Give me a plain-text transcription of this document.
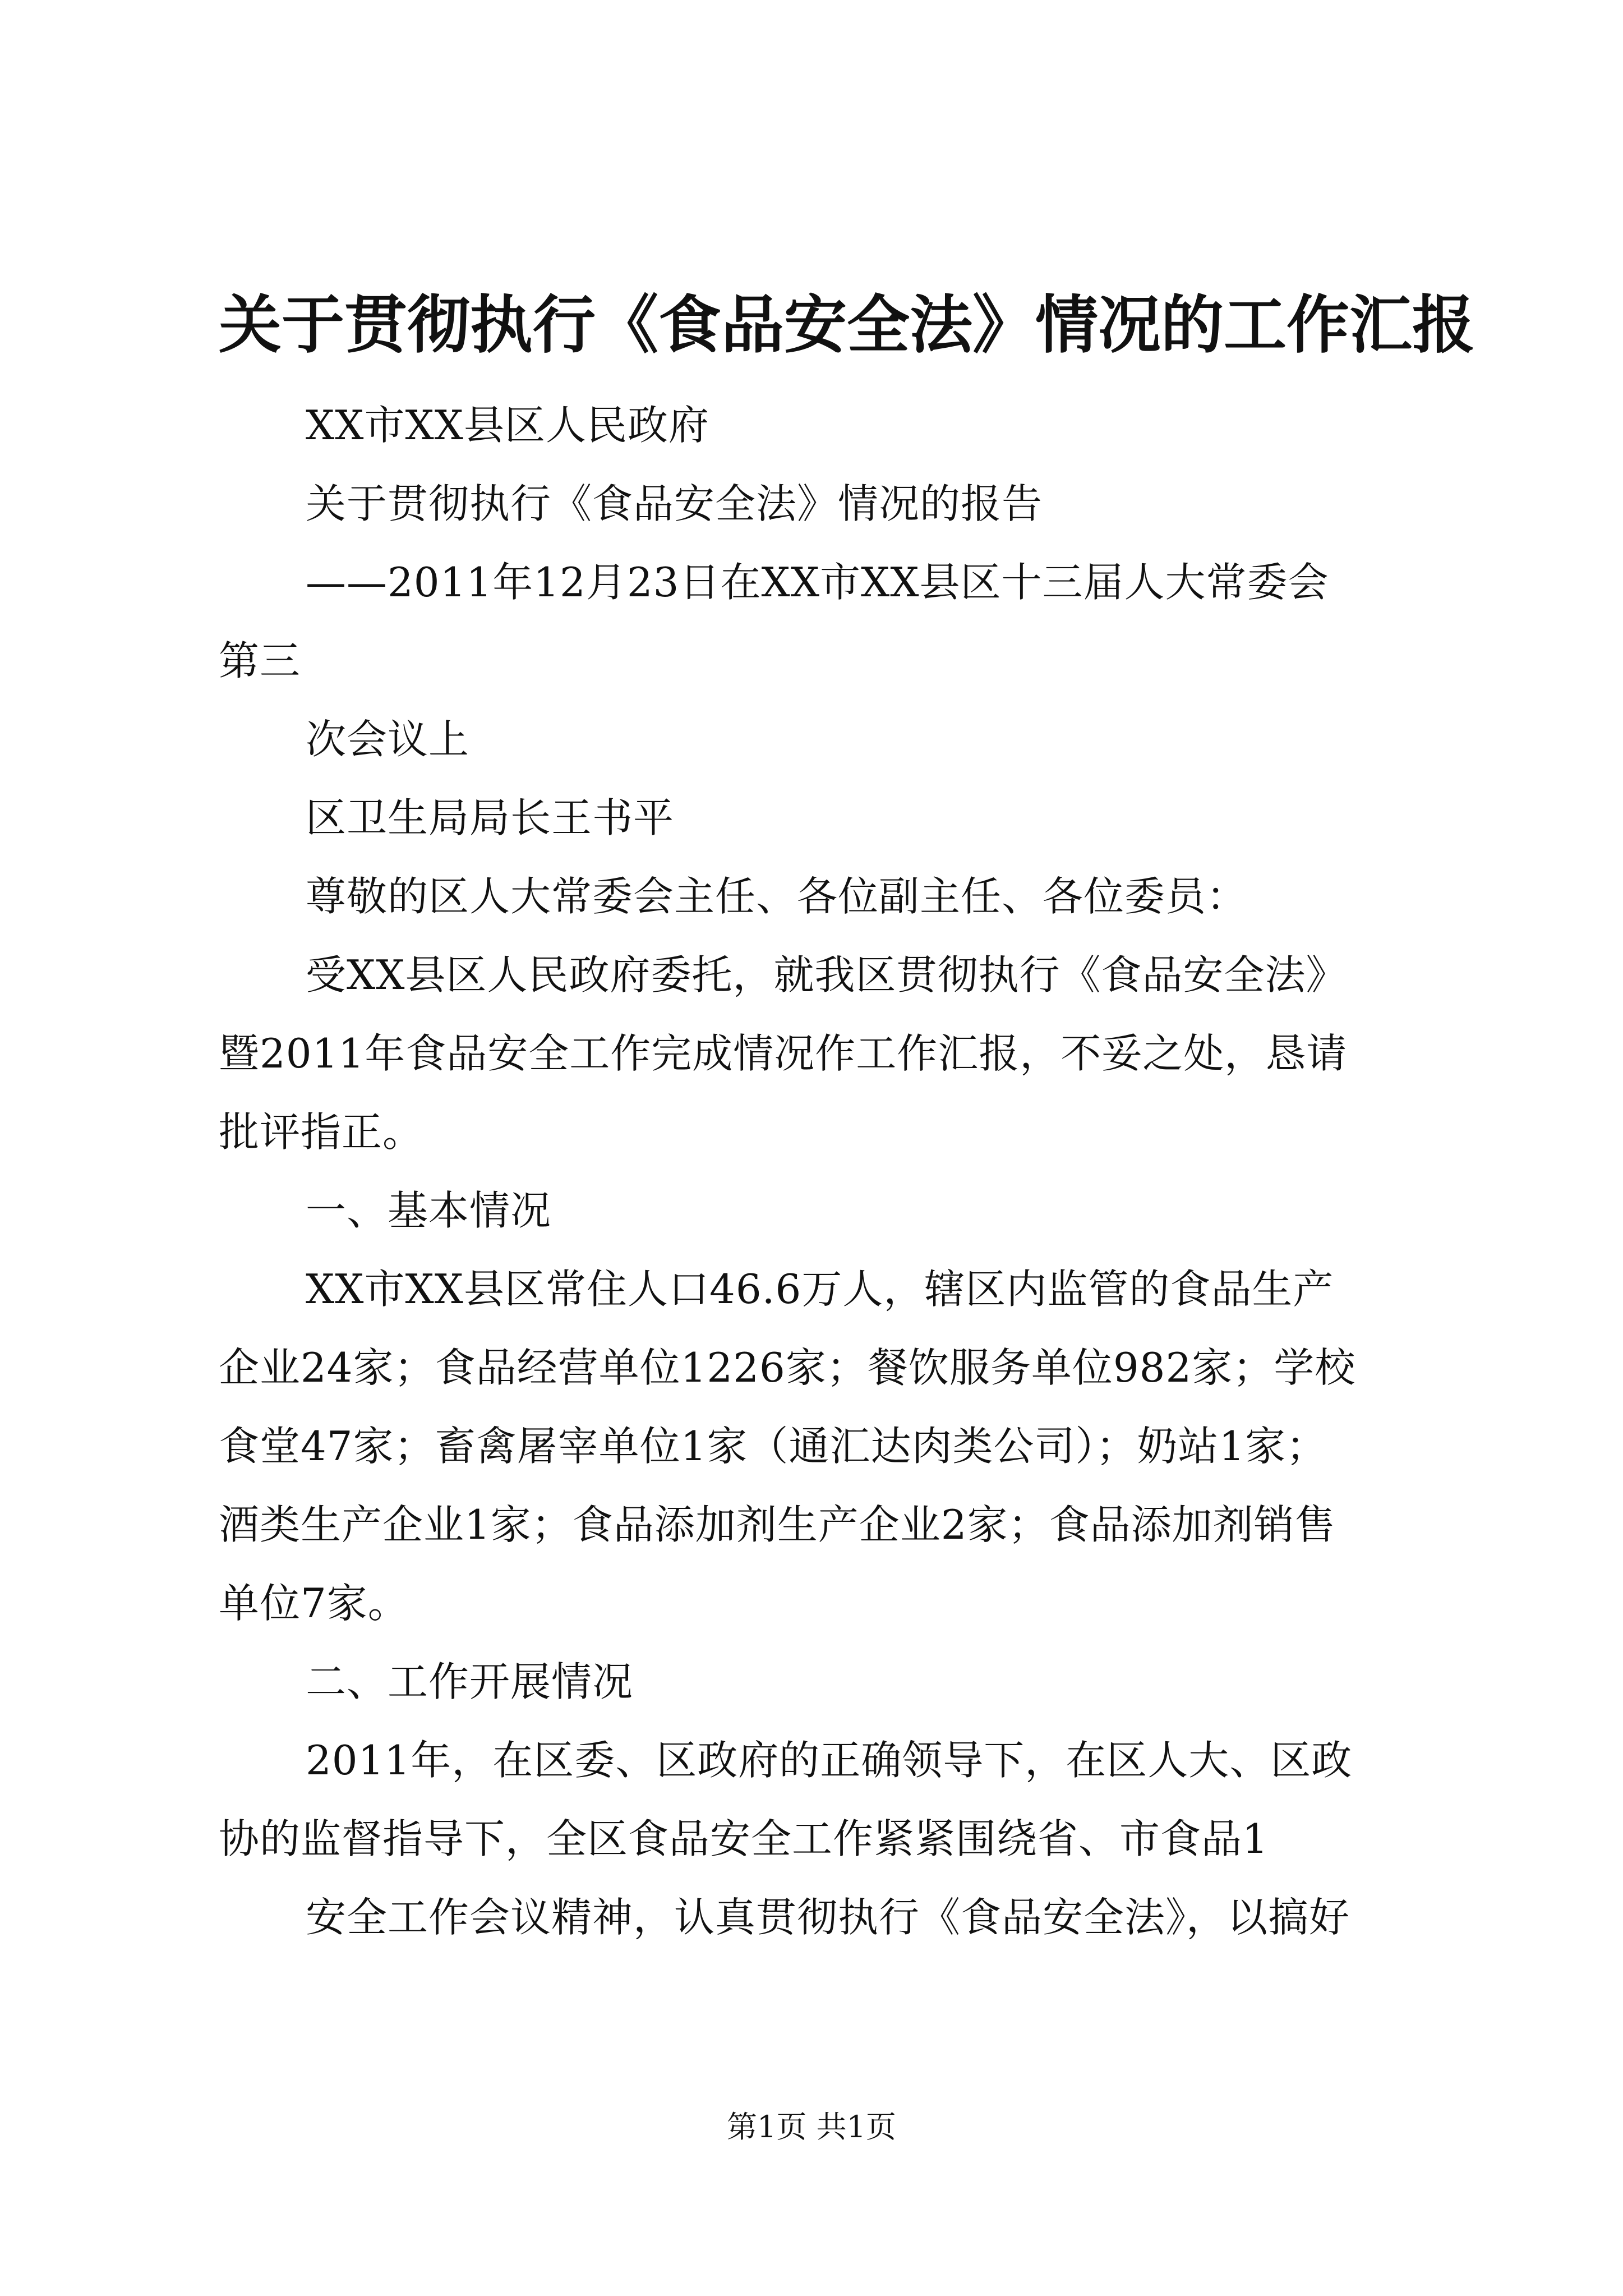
关于贯彻执行《食品安全法》情况的工作汇报

XX市XX县区人民政府

关于贯彻执行《食品安全法》情况的报告

——2011年12月23日在XX市XX县区十三届人大常委会

第三

次会议上

区卫生局局长王书平

尊敬的区人大常委会主任、各位副主任、各位委员：

受XX县区人民政府委托，就我区贯彻执行《食品安全法》

暨2011年食品安全工作完成情况作工作汇报，不妥之处，恳请

批评指正。

一、基本情况

XX市XX县区常住人口46.6万人，辖区内监管的食品生产

企业24家；食品经营单位1226家；餐饮服务单位982家；学校

食堂47家；畜禽屠宰单位1家（通汇达肉类公司）；奶站1家；

酒类生产企业1家；食品添加剂生产企业2家；食品添加剂销售

单位7家。

二、工作开展情况

2011年，在区委、区政府的正确领导下，在区人大、区政

协的监督指导下，全区食品安全工作紧紧围绕省、市食品1

安全工作会议精神，认真贯彻执行《食品安全法》，以搞好

第1页 共1页
